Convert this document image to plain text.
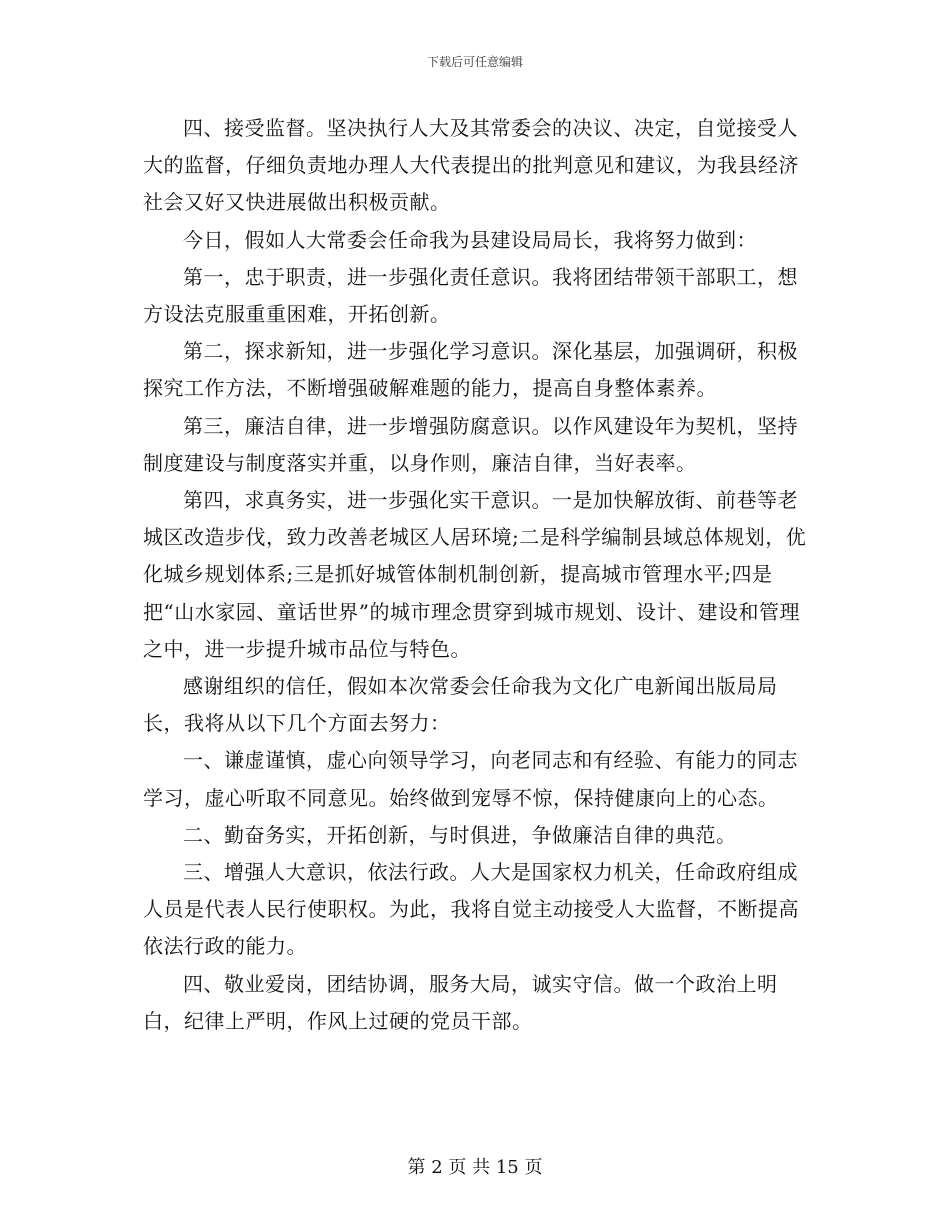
下载后可任意编辑

四、接受监督。坚决执行人大及其常委会的决议、决定，自觉接受人大的监督，仔细负责地办理人大代表提出的批判意见和建议，为我县经济社会又好又快进展做出积极贡献。

今日，假如人大常委会任命我为县建设局局长，我将努力做到：

第一，忠于职责，进一步强化责任意识。我将团结带领干部职工，想方设法克服重重困难，开拓创新。

第二，探求新知，进一步强化学习意识。深化基层，加强调研，积极探究工作方法，不断增强破解难题的能力，提高自身整体素养。

第三，廉洁自律，进一步增强防腐意识。以作风建设年为契机，坚持制度建设与制度落实并重，以身作则，廉洁自律，当好表率。

第四，求真务实，进一步强化实干意识。一是加快解放街、前巷等老城区改造步伐，致力改善老城区人居环境;二是科学编制县域总体规划，优化城乡规划体系;三是抓好城管体制机制创新，提高城市管理水平;四是把“山水家园、童话世界”的城市理念贯穿到城市规划、设计、建设和管理之中，进一步提升城市品位与特色。

感谢组织的信任，假如本次常委会任命我为文化广电新闻出版局局长，我将从以下几个方面去努力：

一、谦虚谨慎，虚心向领导学习，向老同志和有经验、有能力的同志学习，虚心听取不同意见。始终做到宠辱不惊，保持健康向上的心态。

二、勤奋务实，开拓创新，与时俱进，争做廉洁自律的典范。

三、增强人大意识，依法行政。人大是国家权力机关，任命政府组成人员是代表人民行使职权。为此，我将自觉主动接受人大监督，不断提高依法行政的能力。

四、敬业爱岗，团结协调，服务大局，诚实守信。做一个政治上明白，纪律上严明，作风上过硬的党员干部。

第 2 页 共 15 页
